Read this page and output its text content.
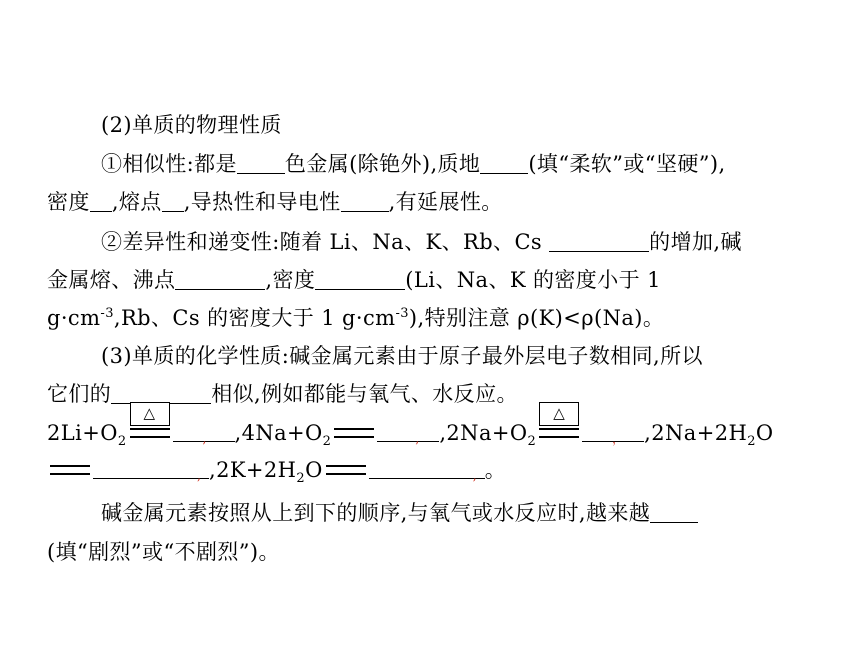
(2)单质的物理性质
①相似性:都是 色金属(除铯外),质地 (填“柔软”或“坚硬”),
密度 ,熔点 ,导热性和导电性 ,有延展性。
②差异性和递变性:随着 Li、Na、K、Rb、Cs	的增加,碱
金属熔、沸点	,密度	(Li、Na、K 的密度小于 1
$g\cdot cm^{-3},Rb$、Cs 的密度大于 1 $g\cdot cm^{-3}$),特别注意 ρ(K)<ρ(Na)。
(3)单质的化学性质:碱金属元素由于原子最外层电子数相同,所以
它们的	相似,例如都能与氧气、水反应。
$2Li+O_2$
△
, $,4Na+O_2$	, $,2Na+O_2$
△
， $,2Na+2H_2O$
, $,2K+2H_2O$	, 。
碱金属元素按照从上到下的顺序,与氧气或水反应时,越来越
(填“剧烈”或“不剧烈”)。
